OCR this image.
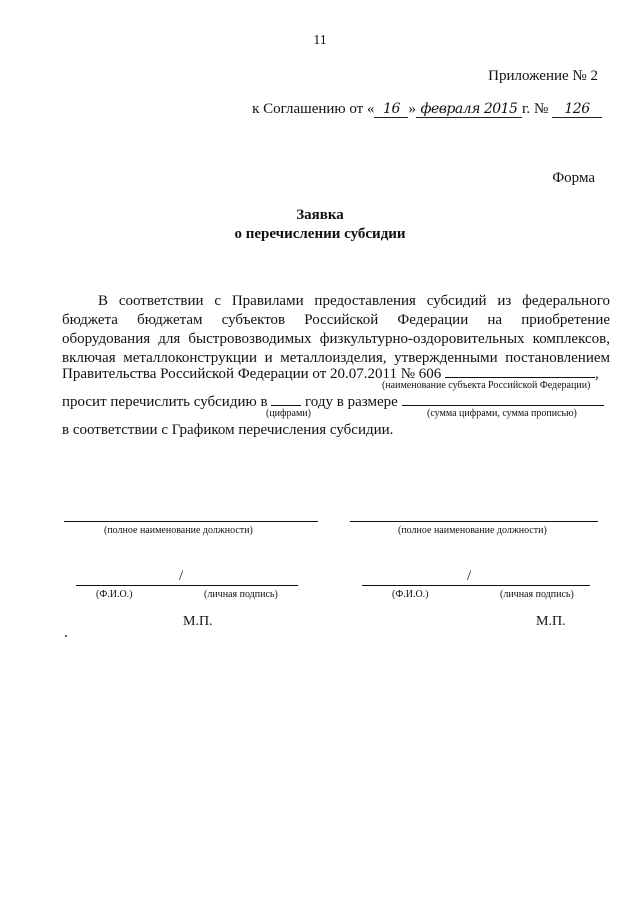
11
Приложение № 2
к Соглашению от « 16 » февраля 2015 г. № 126
Форма
Заявка
о перечислении субсидии
В соответствии с Правилами предоставления субсидий из федерального
бюджета бюджетам субъектов Российской Федерации на приобретение
оборудования для быстровозводимых физкультурно-оздоровительных комплексов,
включая металлоконструкции и металлоизделия, утвержденными постановлением
Правительства Российской Федерации от 20.07.2011 № 606	,
(наименование субъекта Российской Федерации)
просит перечислить субсидию в	году в размере
(цифрами)	(сумма цифрами, сумма прописью)
в соответствии с Графиком перечисления субсидии.
(полное наименование должности)	(полное наименование должности)
/
(Ф.И.О.)	(личная подпись)
/
(Ф.И.О.)	(личная подпись)
М.П.	М.П.
